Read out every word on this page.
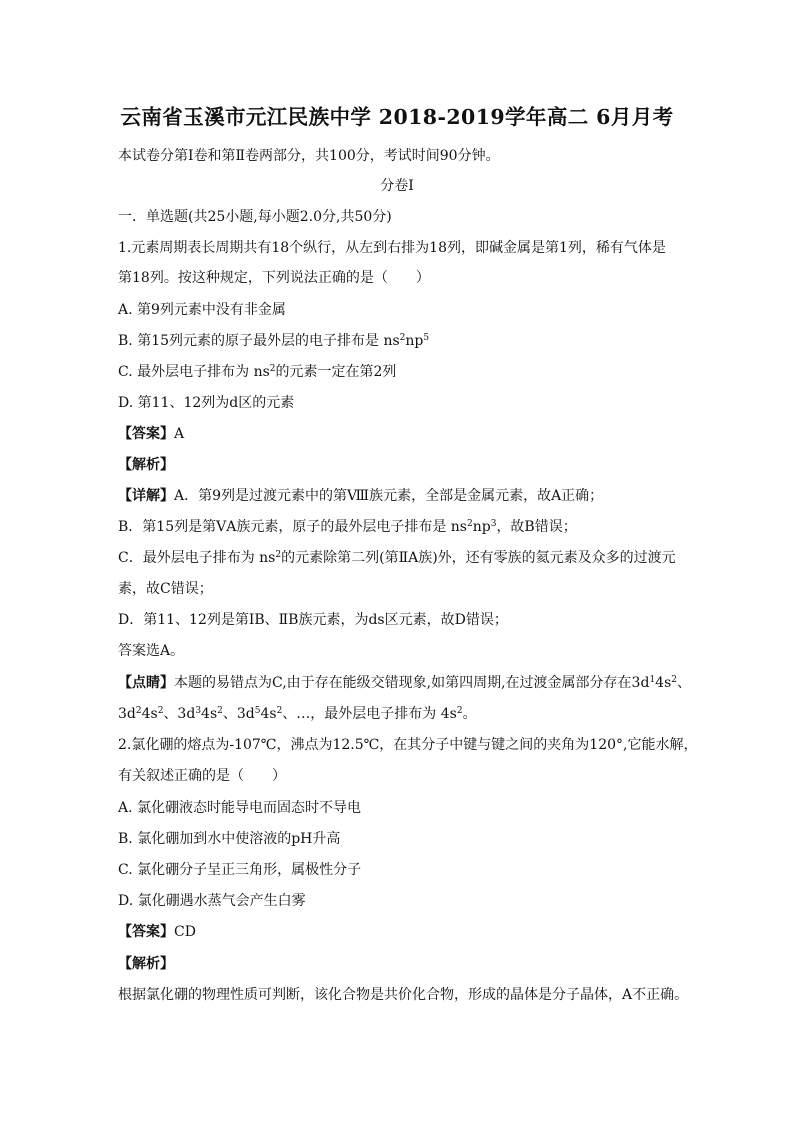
云南省玉溪市元江民族中学 2018-2019学年高二 6月月考
本试卷分第Ⅰ卷和第Ⅱ卷两部分，共100分，考试时间90分钟。
分卷I
一．单选题(共25小题,每小题2.0分,共50分)
1.元素周期表长周期共有18个纵行，从左到右排为18列，即碱金属是第1列，稀有气体是
第18列。按这种规定，下列说法正确的是（　　）
A. 第9列元素中没有非金属
B. 第15列元素的原子最外层的电子排布是 $ns^2np^5$
C. 最外层电子排布为 $ns^2$的元素一定在第2列
D. 第11、12列为d区的元素
【答案】A
【解析】
【详解】A．第9列是过渡元素中的第Ⅷ族元素，全部是金属元素，故A正确；
B．第15列是第ⅤA族元素，原子的最外层电子排布是 $ns^2np^3$，故B错误；
C．最外层电子排布为 $ns^2$的元素除第二列(第ⅡA族)外，还有零族的氦元素及众多的过渡元
素，故C错误；
D．第11、12列是第ⅠB、ⅡB族元素，为ds区元素，故D错误；
答案选A。
【点睛】本题的易错点为C,由于存在能级交错现象,如第四周期,在过渡金属部分存在$3d^14s^2$、
$3d^24s^2$、$3d^34s^2$、$3d^54s^2$、…，最外层电子排布为 $4s^2$。
2.氯化硼的熔点为-107℃，沸点为12.5℃，在其分子中键与键之间的夹角为120°,它能水解，
有关叙述正确的是（　　）
A. 氯化硼液态时能导电而固态时不导电
B. 氯化硼加到水中使溶液的pH升高
C. 氯化硼分子呈正三角形，属极性分子
D. 氯化硼遇水蒸气会产生白雾
【答案】CD
【解析】
根据氯化硼的物理性质可判断，该化合物是共价化合物，形成的晶体是分子晶体，A不正确。
